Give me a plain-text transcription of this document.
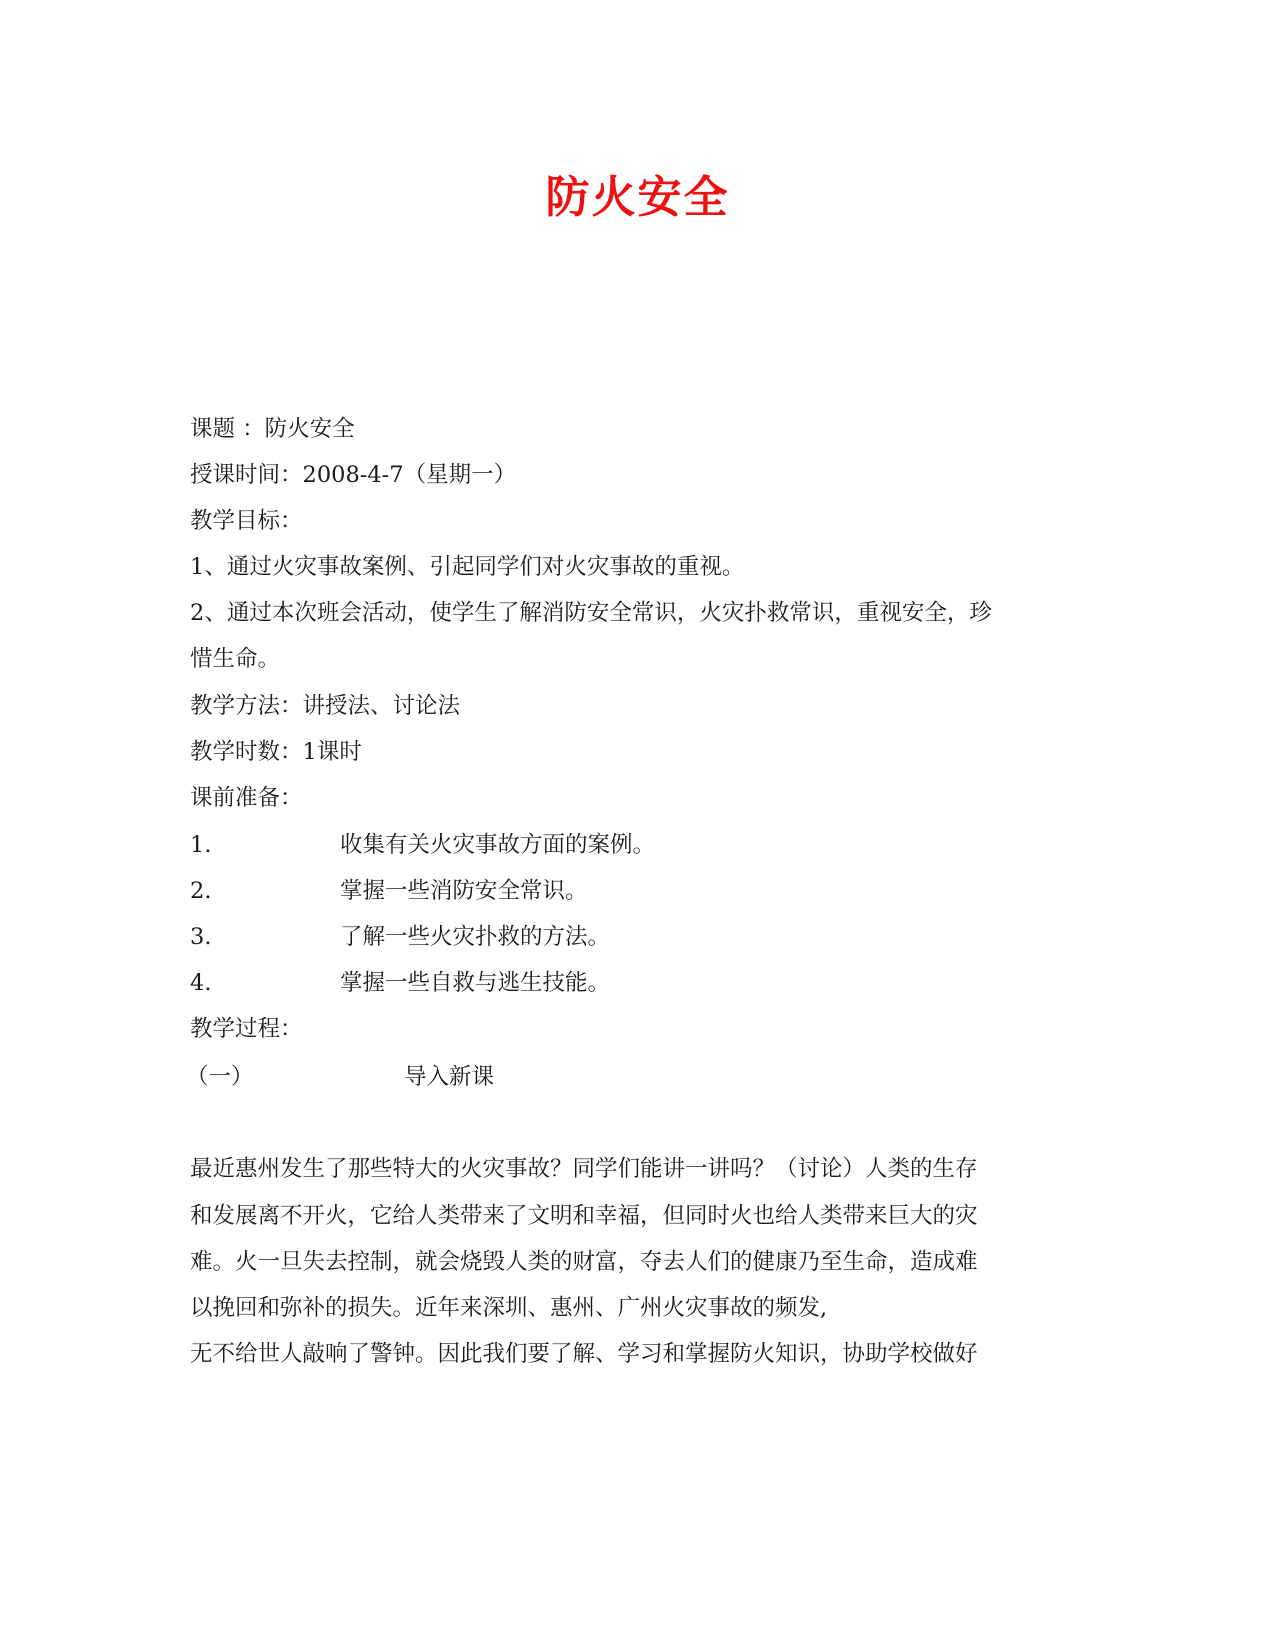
防火安全
课题 ：防火安全
授课时间：2008-4-7（星期一）
教学目标：
1、通过火灾事故案例、引起同学们对火灾事故的重视。
2、通过本次班会活动，使学生了解消防安全常识，火灾扑救常识，重视安全，珍
惜生命。
教学方法：讲授法、讨论法
教学时数：1课时
课前准备：
1.	收集有关火灾事故方面的案例。
2.	掌握一些消防安全常识。
3.	了解一些火灾扑救的方法。
4.	掌握一些自救与逃生技能。
教学过程：
（一）	导入新课
最近惠州发生了那些特大的火灾事故？同学们能讲一讲吗？（讨论）人类的生存
和发展离不开火，它给人类带来了文明和幸福，但同时火也给人类带来巨大的灾
难。火一旦失去控制，就会烧毁人类的财富，夺去人们的健康乃至生命，造成难
以挽回和弥补的损失。近年来深圳、惠州、广州火灾事故的频发,
无不给世人敲响了警钟。因此我们要了解、学习和掌握防火知识，协助学校做好
